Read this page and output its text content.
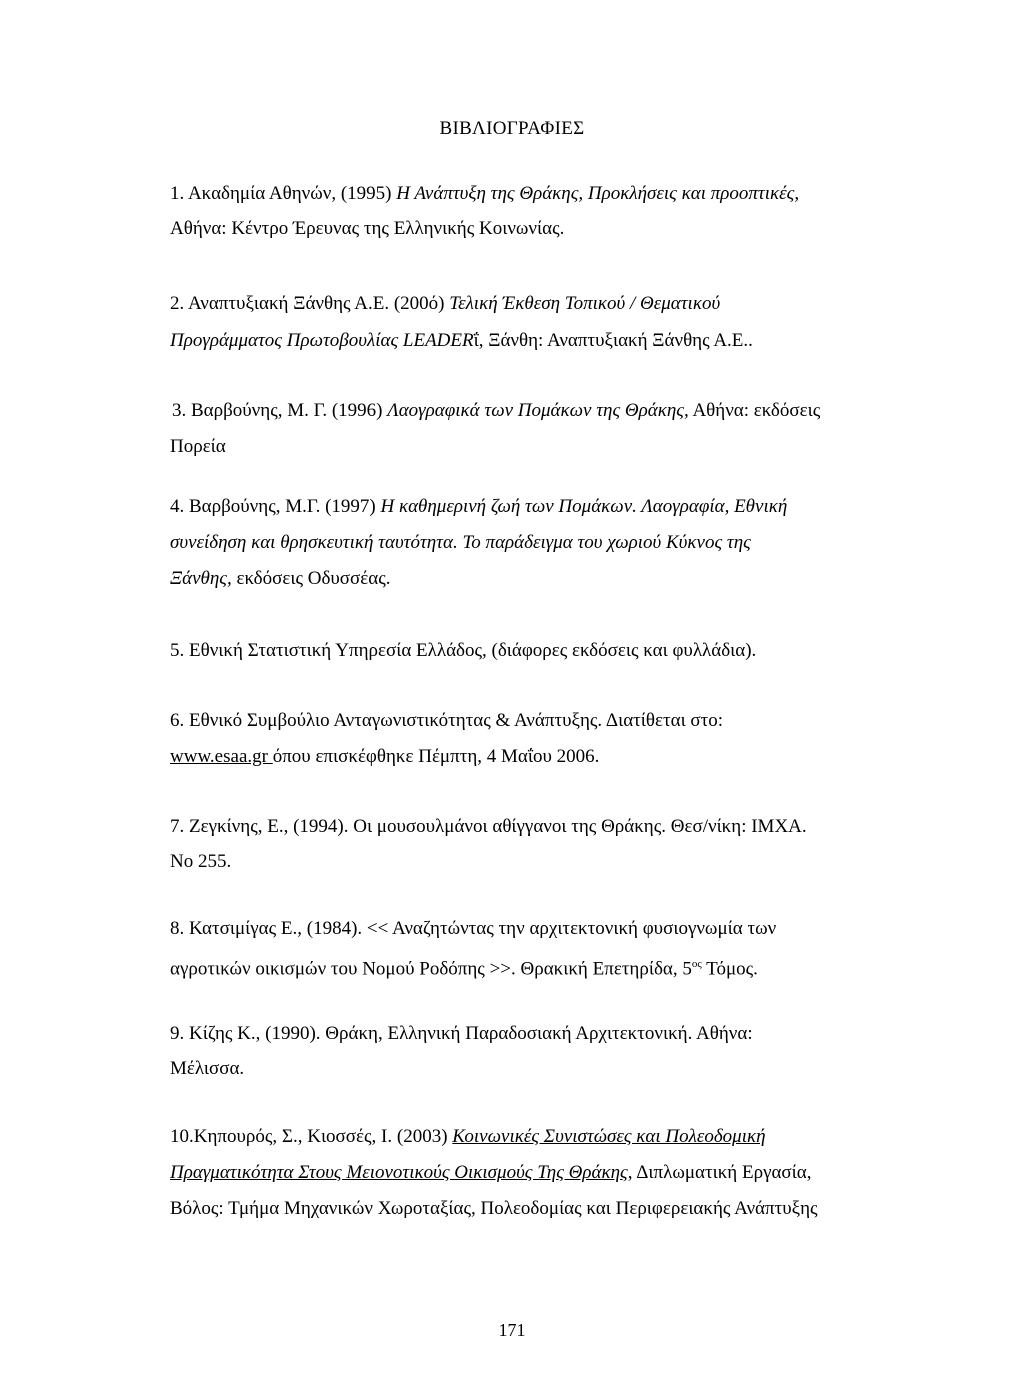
ΒΙΒΛΙΟΓΡΑΦΙΕΣ
1. Ακαδημία Αθηνών, (1995) Η Ανάπτυξη της Θράκης, Προκλήσεις και προοπτικές,
Αθήνα: Κέντρο Έρευνας της Ελληνικής Κοινωνίας.
2. Αναπτυξιακή Ξάνθης Α.Ε. (200ό) Τελική Έκθεση Τοπικού / Θεματικού
Προγράμματος Πρωτοβουλίας LEADERΐ, Ξάνθη: Αναπτυξιακή Ξάνθης Α.Ε..
3. Βαρβούνης, Μ. Γ. (1996) Λαογραφικά των Πομάκων της Θράκης, Αθήνα: εκδόσεις
Πορεία
4. Βαρβούνης, Μ.Γ. (1997) Η καθημερινή ζωή των Πομάκων. Λαογραφία, Εθνική
συνείδηση και θρησκευτική ταυτότητα. Το παράδειγμα του χωριού Κύκνος της
Ξάνθης, εκδόσεις Οδυσσέας.
5. Εθνική Στατιστική Υπηρεσία Ελλάδος, (διάφορες εκδόσεις και φυλλάδια).
6. Εθνικό Συμβούλιο Ανταγωνιστικότητας & Ανάπτυξης. Διατίθεται στο:
www.esaa.gr όπου επισκέφθηκε Πέμπτη, 4 Μαΐου 2006.
7. Ζεγκίνης, Ε., (1994). Οι μουσουλμάνοι αθίγγανοι της Θράκης. Θεσ/νίκη: ΙΜΧΑ.
Νο 255.
8. Κατσιμίγας Ε., (1984). << Αναζητώντας την αρχιτεκτονική φυσιογνωμία των
αγροτικών οικισμών του Νομού Ροδόπης >>. Θρακική Επετηρίδα, $5^{o\varsigma}$ Τόμος.
9. Κίζης Κ., (1990). Θράκη, Ελληνική Παραδοσιακή Αρχιτεκτονική. Αθήνα:
Μέλισσα.
10.Κηπουρός, Σ., Κιοσσές, Ι. (2003) Κοινωνικές Συνιστώσες και Πολεοδομική
Πραγματικότητα Στους Μειονοτικούς Οικισμούς Της Θράκης, Διπλωματική Εργασία,
Βόλος: Τμήμα Μηχανικών Χωροταξίας, Πολεοδομίας και Περιφερειακής Ανάπτυξης
171
